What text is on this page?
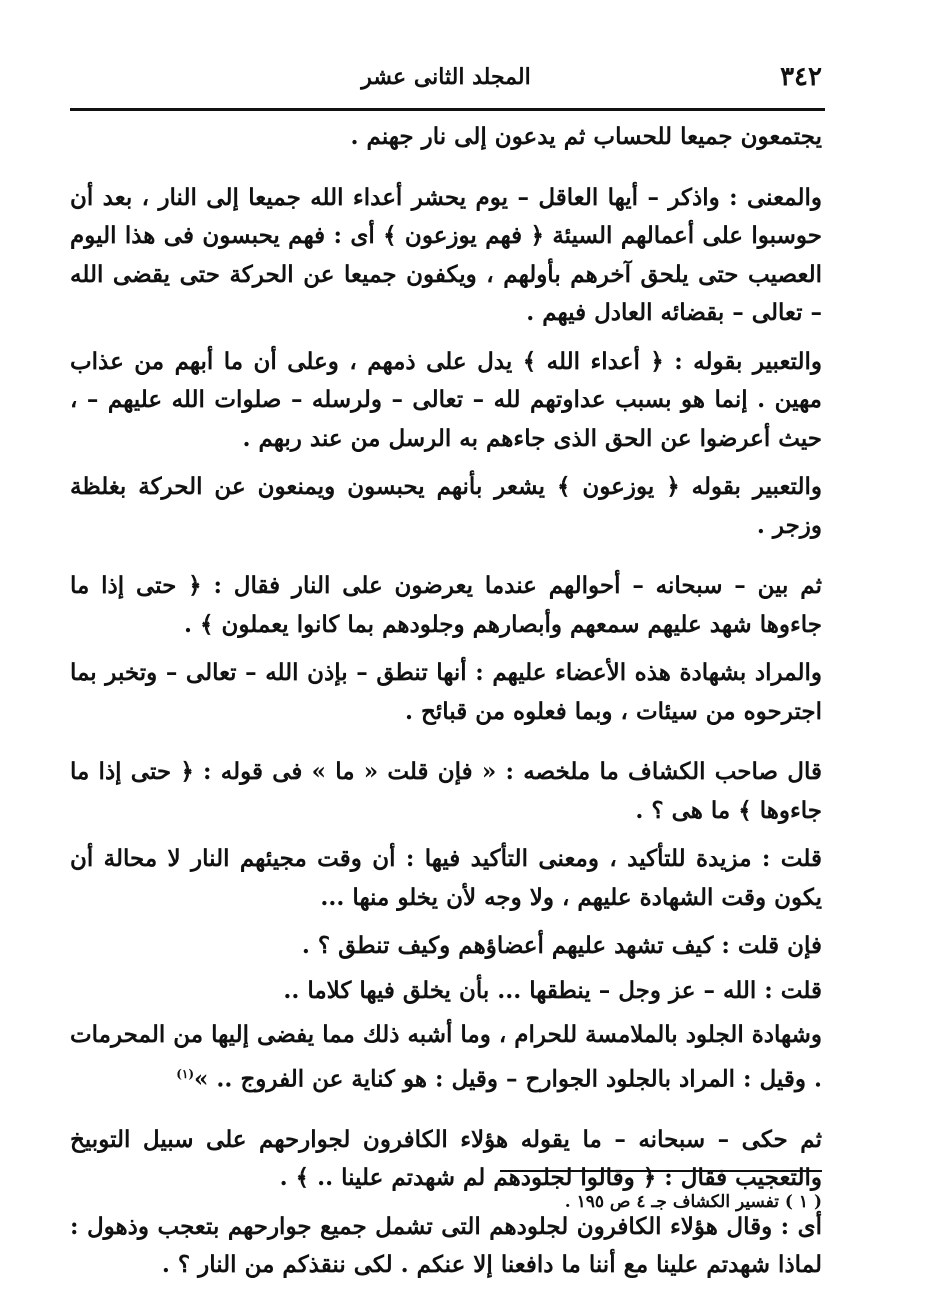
٣٤٢
المجلد الثانى عشر

يجتمعون جميعا للحساب ثم يدعون إلى نار جهنم .

والمعنى : واذكر – أيها العاقل – يوم يحشر أعداء الله جميعا إلى النار ، بعد أن حوسبوا على أعمالهم السيئة ﴿ فهم يوزعون ﴾ أى : فهم يحبسون فى هذا اليوم العصيب حتى يلحق آخرهم بأولهم ، ويكفون جميعا عن الحركة حتى يقضى الله – تعالى – بقضائه العادل فيهم .

والتعبير بقوله : ﴿ أعداء الله ﴾ يدل على ذمهم ، وعلى أن ما أبهم من عذاب مهين . إنما هو بسبب عداوتهم لله – تعالى – ولرسله – صلوات الله عليهم – ، حيث أعرضوا عن الحق الذى جاءهم به الرسل من عند ربهم .

والتعبير بقوله ﴿ يوزعون ﴾ يشعر بأنهم يحبسون ويمنعون عن الحركة بغلظة وزجر .

ثم بين – سبحانه – أحوالهم عندما يعرضون على النار فقال : ﴿ حتى إذا ما جاءوها شهد عليهم سمعهم وأبصارهم وجلودهم بما كانوا يعملون ﴾ .

والمراد بشهادة هذه الأعضاء عليهم : أنها تنطق – بإذن الله – تعالى – وتخبر بما اجترحوه من سيئات ، وبما فعلوه من قبائح .

قال صاحب الكشاف ما ملخصه : « فإن قلت « ما » فى قوله : ﴿ حتى إذا ما جاءوها ﴾ ما هى ؟ .

قلت : مزيدة للتأكيد ، ومعنى التأكيد فيها : أن وقت مجيئهم النار لا محالة أن يكون وقت الشهادة عليهم ، ولا وجه لأن يخلو منها ...

فإن قلت : كيف تشهد عليهم أعضاؤهم وكيف تنطق ؟ .

قلت : الله – عز وجل – ينطقها ... بأن يخلق فيها كلاما ..

وشهادة الجلود بالملامسة للحرام ، وما أشبه ذلك مما يفضى إليها من المحرمات . وقيل : المراد بالجلود الجوارح – وقيل : هو كناية عن الفروج .. »$^{(١)}$

ثم حكى – سبحانه – ما يقوله هؤلاء الكافرون لجوارحهم على سبيل التوبيخ والتعجيب فقال : ﴿ وقالوا لجلودهم لم شهدتم علينا .. ﴾ .

أى : وقال هؤلاء الكافرون لجلودهم التى تشمل جميع جوارحهم بتعجب وذهول : لماذا شهدتم علينا مع أننا ما دافعنا إلا عنكم . لكى ننقذكم من النار ؟ .

( ١ ) تفسير الكشاف جـ ٤ ص ١٩٥ .
